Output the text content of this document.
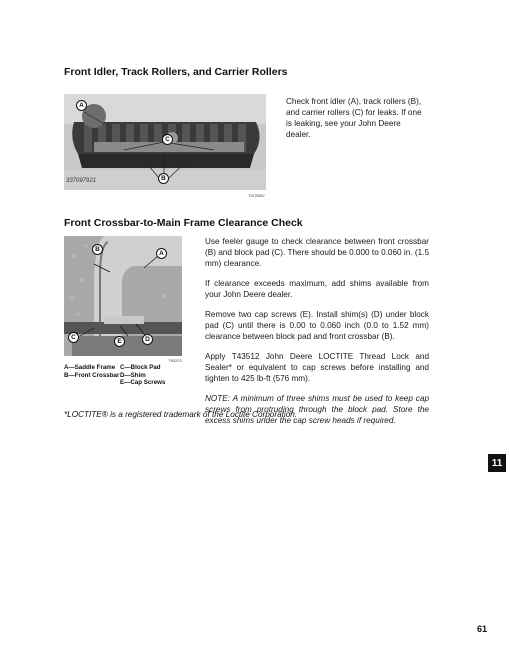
Front Idler, Track Rollers, and Carrier Rollers
A
C
B
337097921
T9725BV
Check front idler (A), track rollers (B), and carrier rollers (C) for leaks. If one is leaking, see your John Deere dealer.
Front Crossbar-to-Main Frame Clearance Check
B
A
C
E	D
T90223
A—Saddle Frame C—Block Pad
B—Front Crossbar D—Shim
E—Cap Screws

Use feeler gauge to check clearance between front crossbar (B) and block pad (C). There should be 0.000 to 0.060 in. (1.5 mm) clearance.

If clearance exceeds maximum, add shims available from your John Deere dealer.

Remove two cap screws (E). Install shim(s) (D) under block pad (C) until there is 0.00 to 0.060 inch (0.0 to 1.52 mm) clearance between block pad and front crossbar (B).

Apply T43512 John Deere LOCTITE Thread Lock and Sealer* or equivalent to cap screws before installing and tighten to 425 lb-ft (576 mm).

NOTE: A minimum of three shims must be used to keep cap screws from protruding through the block pad. Store the excess shims under the cap screw heads if required.

*LOCTITE® is a registered trademark of the Loctite Corporation.
11
61
